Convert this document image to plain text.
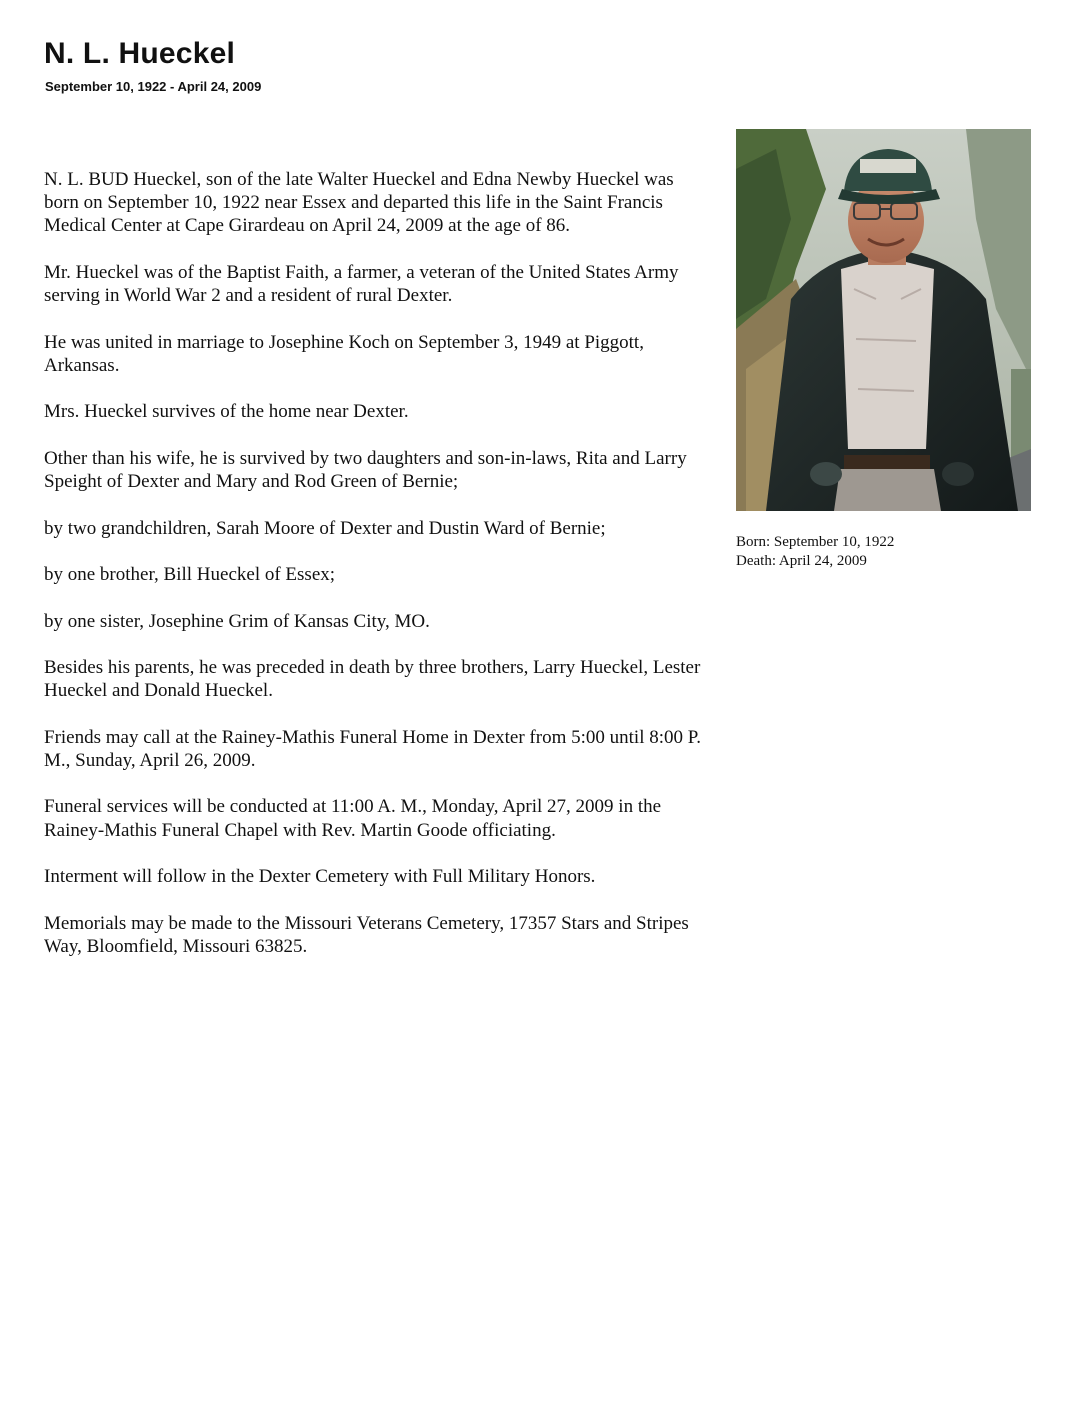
N. L. Hueckel
September 10, 1922 - April 24, 2009

N. L. BUD Hueckel, son of the late Walter Hueckel and Edna Newby Hueckel was born on September 10, 1922 near Essex and departed this life in the Saint Francis Medical Center at Cape Girardeau on April 24, 2009 at the age of 86.

Mr. Hueckel was of the Baptist Faith, a farmer, a veteran of the United States Army serving in World War 2 and a resident of rural Dexter.

He was united in marriage to Josephine Koch on September 3, 1949 at Piggott, Arkansas.

Mrs. Hueckel survives of the home near Dexter.

Other than his wife, he is survived by two daughters and son-in-laws, Rita and Larry Speight of Dexter and Mary and Rod Green of Bernie;

by two grandchildren, Sarah Moore of Dexter and Dustin Ward of Bernie;

by one brother, Bill Hueckel of Essex;

by one sister, Josephine Grim of Kansas City, MO.

Besides his parents, he was preceded in death by three brothers, Larry Hueckel, Lester Hueckel and Donald Hueckel.

Friends may call at the Rainey-Mathis Funeral Home in Dexter from 5:00 until 8:00 P. M., Sunday, April 26, 2009.

Funeral services will be conducted at 11:00 A. M., Monday, April 27, 2009 in the Rainey-Mathis Funeral Chapel with Rev. Martin Goode officiating.

Interment will follow in the Dexter Cemetery with Full Military Honors.

Memorials may be made to the Missouri Veterans Cemetery, 17357 Stars and Stripes Way, Bloomfield, Missouri 63825.

Born: September 10, 1922
Death: April 24, 2009
